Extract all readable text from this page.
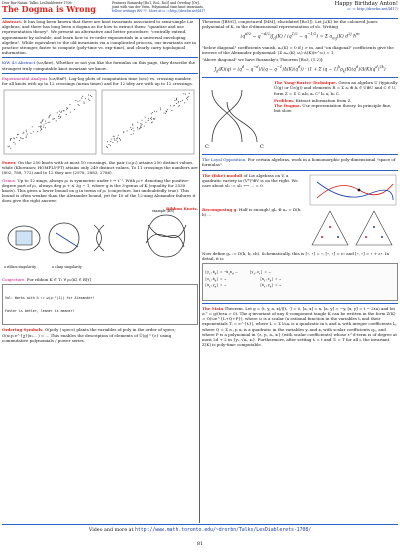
Dror Bar-Natan: Talks: LesDiablerets-1708:
The Dogma is Wrong
Features Rozansky [Ro1, Ro2, Ro3] and Overbay [Ov],
joint with van der Veen. Polynomial time knot invariants,
fellow writings BN-??. More at ω :=http://drorbn.net/ld17
Happy Birthday Anton!
ω := http://drorbn.net/ld17/
Abstract. It has long been known that there are knot invariants associated to semi-simple Lie algebras, and there has long been a dogma as for how to extract them: "quantize and use representation theory". We present an alternative and better procedure: "centrally extend, approximate by solvable, and learn how to re-order exponentials in a universal enveloping algebra". While equivalent to the old invariants via a complicated process, our invariants are in practice stronger, faster to compute (poly-time vs. exp-time), and clearly carry topological information.
KiW 43 Abstract (ωε/kiw). Whether or not you like the formulas on this page, they describe the strongest truly computable knot invariant we know.
Experimental Analysis (ωε/ExP). Log-log plots of computation time (sec) vs. crossing number, for all knots with up to 12 crossings (mean times) and for 12 tdey are with up to 12 crossings.
Power. On the 250 knots with at most 10 crossings, the pair (ω,ρ₁) attains 250 distinct values, while (Khovanov, HOMFLY-PT) attains only 249 distinct values. To 11 crossings the numbers are (802, 788, 772) and to 12 they are (2978, 2883, 2786).
Genus. Up to 12 xings, always ρ₁ is symmetric under t ↔ t⁻¹. With ρ₁+ denoting the positive-degree part of ρ₁, always deg ρ₁+ ≤ 2g − 1, where g is the 3-genus of K (equality for 2530 knots). This gives a lower bound on g in terms of ρ₁ (conjecture, but undoubtedly true). This bound is often weaker than the Alexander bound, yet for 10 of the 12-xing Alexander failures it does give the right answer.
Ribbon Knots.
example [BN]
a ribbon singularity	a clasp singularity
Conjecture. For ribbon K ∈ T₁ ∀ ρ₁(K) ∈ R[t]

Vol: Works with ℝ := ω(ρ⁻¹(1)) for Alexander!

Faster is better, leaner is meaner!

Ordering Symbols. O(poly | specs) plants the variables of poly in the order of specs; O(x₁y₁e^{χ}|x₁... ) = ... This enables the description of elements of Û(g)^{ε} using commutative polynomials / power series.
Theorem ([BNG], conjectured [MM], elucidated [Ro1]). Let Jₖ(K) be the coloured Jones polynomial of K, in the d-dimensional representation of sl₂. Writing
$(q^{d/2} - q^{-d/2})J_d(K) / (q^{1/2} - q^{-1/2}) = \Sigma$ $a_{mj}(K)$ $d^{2j}$ $ħ^m$
"below diagonal" coefficients vanish, aᵢⱼ(K) = 0 if j > m, and "on diagonal" coefficients give the inverse of the Alexander polynomial: (Σ aₘⱼ(K) ωⱼ)·Δ(K)(e^ω) = 1.
"Above diagonal" we have Rozansky's Theorem [Ro3, (1.2)]:
$J_d(K)(q) = (q^d - q^{-d})/((q - q^{-1})\Delta(K)(q^d)) \cdot (1 + \Sigma$ $(q - 1)^k\rho_k(K)(q^d)/\Delta(K)(q^d)^{2k}$)
C	C
The Yang-Baxter Technique. Given an algebra U (typically Û(g) or Ûε(g)) and elements R = Σ aᵢ ⊗ bᵢ ∈ U⊗U and C ∈ U, form Z = Σ C aᵢbⱼ aₖ C² bᵢ aⱼ bₖ C.
Problem. Extract information from Z.
The Dogma. Use representation theory. In principle fine, but slow.
The Loyal Opposition. For certain algebras, work in a homomorphic poly-dimensional "space of formulas".
The (fake) moduli of Lie algebras on V, a quadratic variety in (V*)²⊗V is on the right. We care about sl₂ := sl₂ ⟷ ... = 0.
Recomposing g. Half is enough! glₙ ⊕ aₙ = D(b, b) ...
Now define gₙ := D(b, b, εb). Schematically, this is [∘, ∘] = ∘, [∘, ∘] = ε∘ and [∘, ∘] = ∘ + ε∘. In detail, it is

$[y_i,b_d] = -b_ia_d$ …      $[y_i,x_i]$ = …
$[x_i,b_d]$ = …                 $[a_i,x_d]$ = …
$[a_i,y_d]$ = …                 $[b_i,y_d]$ = …

The Main Theorem. Let g = (t, y, a, x)/([t, ·] = 0, [a, x] = x, [a, y] = −y, [x, y] = t − 2εa) and let z₁⁰ = g/(teεa = 0). The q-invariant of any S-component tangle K can be written in the form Z(K) = O(ωe^{L+Q+P}), where ω is a scalar (a rational function in the variables tᵢ and their exponentials Tᵢ = e^{tᵢ}), where L = Σ lᵢtᵢaᵢ is a quadratic in tᵢ and aᵢ with integer coefficients lᵢⱼ, where Q = Σ eᵢⱼ yᵢ xⱼ is a quadratic in the variables yᵢ and xⱼ with scalar coefficients qᵢⱼ, and where P is a polynomial in {ε, yᵢ, aᵢ, xᵢ} (with scalar coefficients) whose ε^d-term is of degree at most 2d + 2 in {yᵢ, √aᵢ, xᵢ}. Furthermore, after setting tᵢ = t and Tᵢ = T for all i, the invariant Z(K) is poly-time computable.
Video and more at http://www.math.toronto.edu/~drorbn/Talks/LesDiablerets-1708/
81
